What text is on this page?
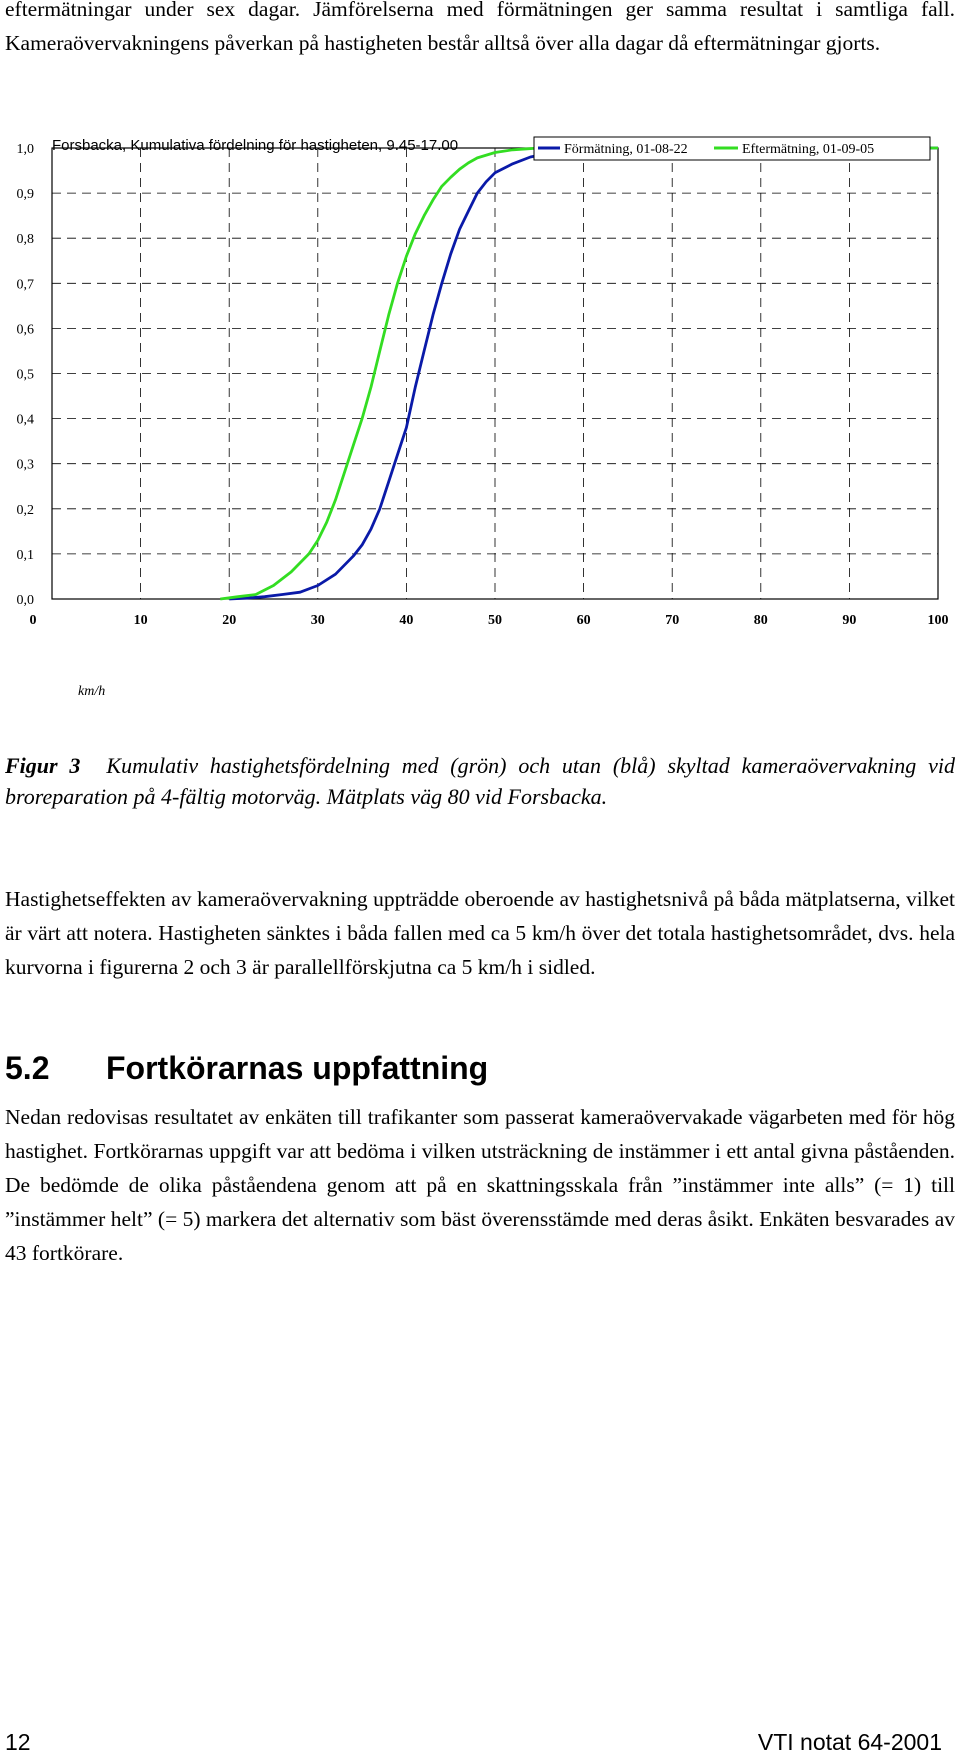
eftermätningar under sex dagar. Jämförelserna med förmätningen ger samma resultat i samtliga fall. Kameraövervakningens påverkan på hastigheten består alltså över alla dagar då eftermätningar gjorts.

0,0
0,1
0,2
0,3
0,4
0,5
0,6
0,7
0,8
0,9
1,0
0	10	20	30	40	50	60	70	80	90	100
Forsbacka, Kumulativa fördelning för hastigheten, 9.45-17.00
km/h
Förmätning, 01-08-22	Eftermätning, 01-09-05

Figur 3 Kumulativ hastighetsfördelning med (grön) och utan (blå) skyltad kameraövervakning vid broreparation på 4-fältig motorväg. Mätplats väg 80 vid Forsbacka.

Hastighetseffekten av kameraövervakning uppträdde oberoende av hastighetsnivå på båda mätplatserna, vilket är värt att notera. Hastigheten sänktes i båda fallen med ca 5 km/h över det totala hastighetsområdet, dvs. hela kurvorna i figurerna 2 och 3 är parallellförskjutna ca 5 km/h i sidled.

5.2 Fortkörarnas uppfattning

Nedan redovisas resultatet av enkäten till trafikanter som passerat kameraövervakade vägarbeten med för hög hastighet. Fortkörarnas uppgift var att bedöma i vilken utsträckning de instämmer i ett antal givna påståenden. De bedömde de olika påståendena genom att på en skattningsskala från ”instämmer inte alls” (= 1) till ”instämmer helt” (= 5) markera det alternativ som bäst överensstämde med deras åsikt. Enkäten besvarades av 43 fortkörare.

12	VTI notat 64-2001
